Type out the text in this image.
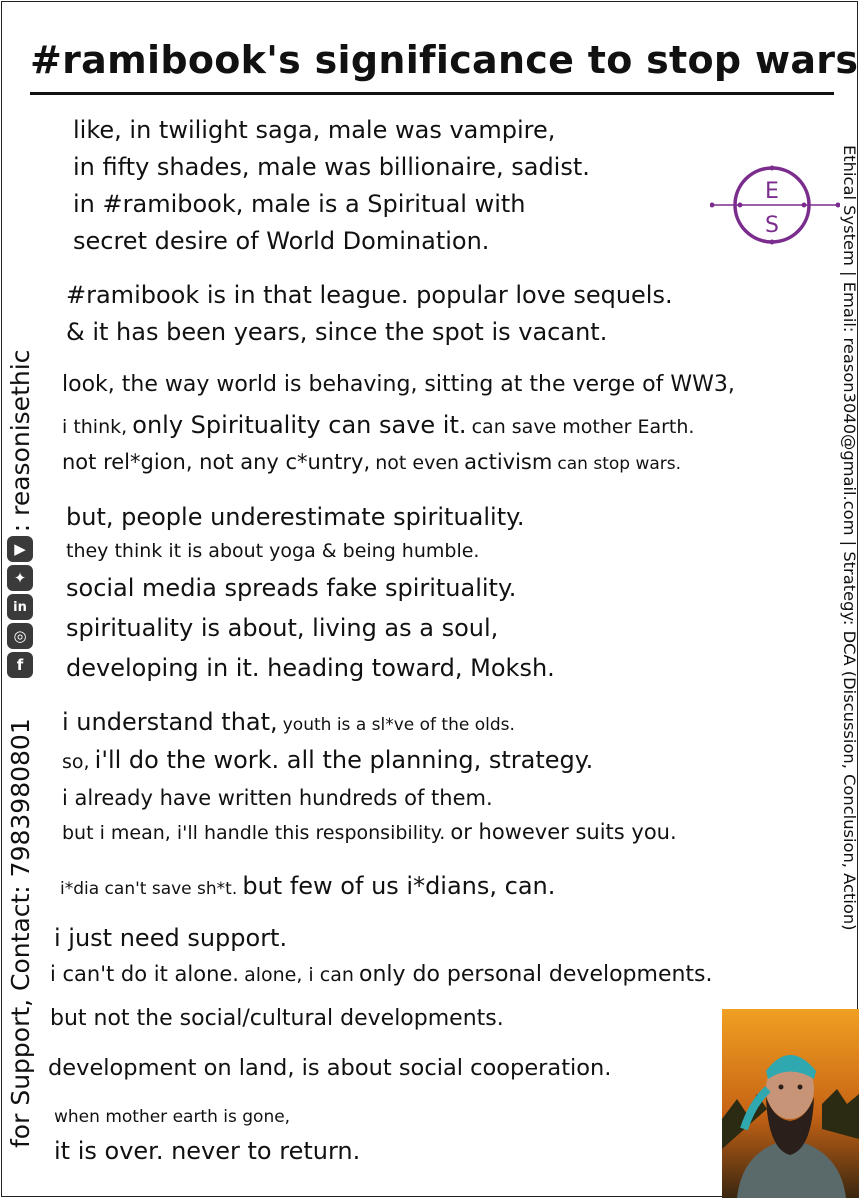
#ramibook's significance to stop wars
like, in twilight saga, male was vampire,
in fifty shades, male was billionaire, sadist.
in #ramibook, male is a Spiritual with
secret desire of World Domination.
#ramibook is in that league. popular love sequels.
& it has been years, since the spot is vacant.
look, the way world is behaving, sitting at the verge of WW3,
i think, only Spirituality can save it. can save mother Earth.
not rel*gion, not any c*untry, not even activism can stop wars.
but, people underestimate spirituality.
they think it is about yoga & being humble.
social media spreads fake spirituality.
spirituality is about, living as a soul,
developing in it. heading toward, Moksh.
i understand that, youth is a sl*ve of the olds.
so, i'll do the work. all the planning, strategy.
i already have written hundreds of them.
but i mean, i'll handle this responsibility. or however suits you.
i*dia can't save sh*t. but few of us i*dians, can.
i just need support.
i can't do it alone. alone, i can only do personal developments.
but not the social/cultural developments.
development on land, is about social cooperation.
when mother earth is gone,
it is over. never to return.
for Support, Contact: 7983980801
f
◎
in
✦
▶
: reasonisethic	Ethical System | Email: reason3040@gmail.com | Strategy: DCA (Discussion, Conclusion, Action)
E
S
